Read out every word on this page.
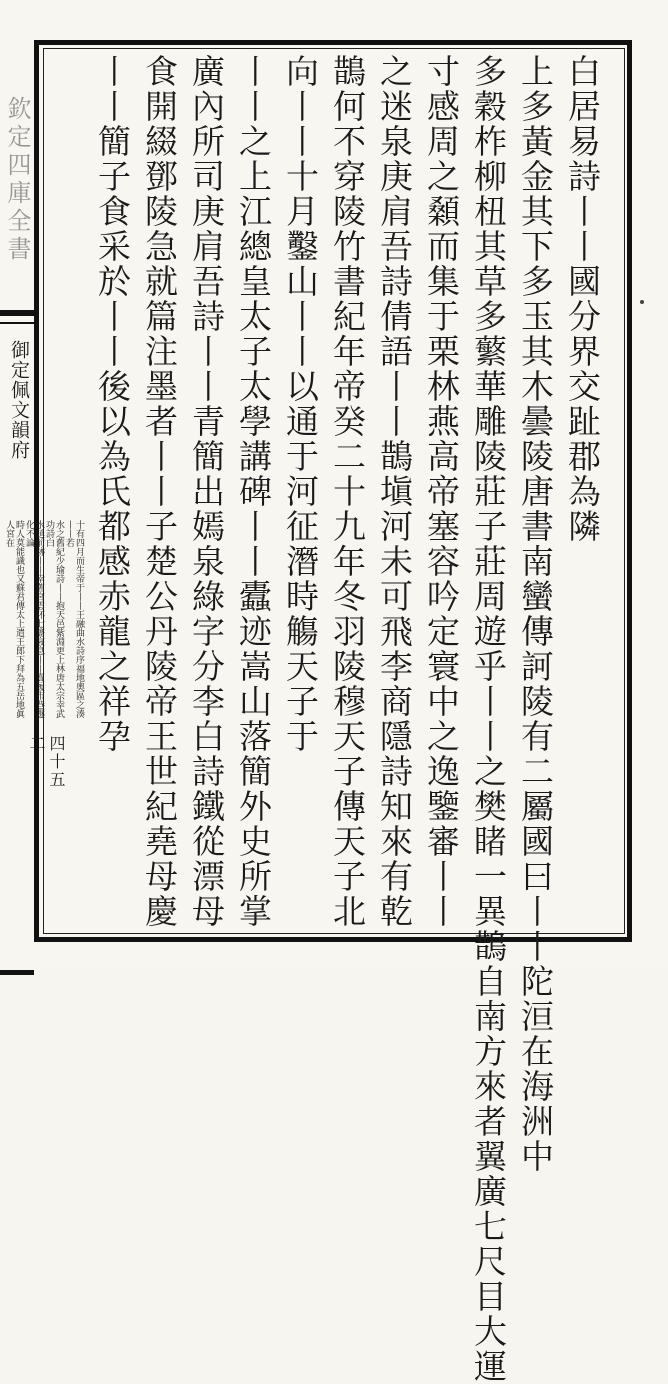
欽定四庫全書
御定佩文韻府	白居易詩丨丨國分界交趾郡為隣
上多黃金其下多玉其木曇陵唐書南蠻傳訶陵有二屬國曰丨丨陀洹在海洲中
多穀柞柳杻其草多蘩華雕陵莊子莊周遊乎丨丨之樊睹一異鵲自南方來者翼廣七尺目大運
寸感周之顙而集于栗林燕高帝塞容吟定寰中之逸鑒審丨丨
之迷泉庚肩吾詩倩語丨丨鵲塡河未可飛李商隱詩知來有乾
鵲何不穿陵竹書紀年帝癸二十九年冬羽陵穆天子傳天子北
向丨丨十月鑿山丨丨以通于河征潛時觴天子于
丨丨之上江總皇太子太學講碑丨丨蠹迹嵩山落簡外史所掌
廣內所司庚肩吾詩丨丨青簡出嫣泉綠字分李白詩鐵從漂母
食開綴鄧陵急就篇注墨者丨丨子楚公丹陵帝王世紀堯母慶
丨丨簡子食采於丨丨後以為氏都感赤龍之祥孕
四十五二
十有四月而生帝于丨丨王融曲水詩序福地奧區之湊丨丨若
水之舊紀少瑜詩丨丨抱天邑紫淵更上林唐太宗幸武功詩白
水延前跡丨丨幸舊宮雲㳅七䉢寢息丨丨賣履市巷遯化不論
時人莫能識也又蘇君傳太上遣王郎下拜為五岳地眞人宮在
